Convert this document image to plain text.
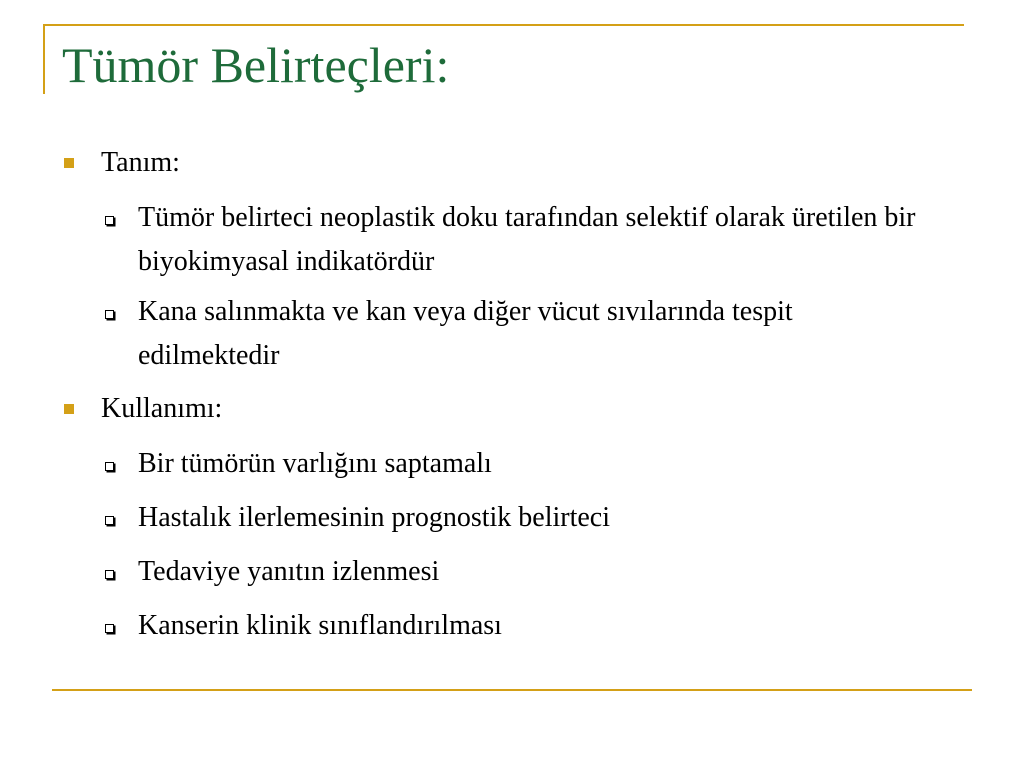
Tümör Belirteçleri:
Tanım:
Tümör belirteci neoplastik doku tarafından selektif olarak üretilen bir biyokimyasal indikatördür
Kana salınmakta ve kan veya diğer vücut sıvılarında tespit edilmektedir
Kullanımı:
Bir tümörün varlığını saptamalı
Hastalık ilerlemesinin prognostik belirteci
Tedaviye yanıtın izlenmesi
Kanserin klinik sınıflandırılması
